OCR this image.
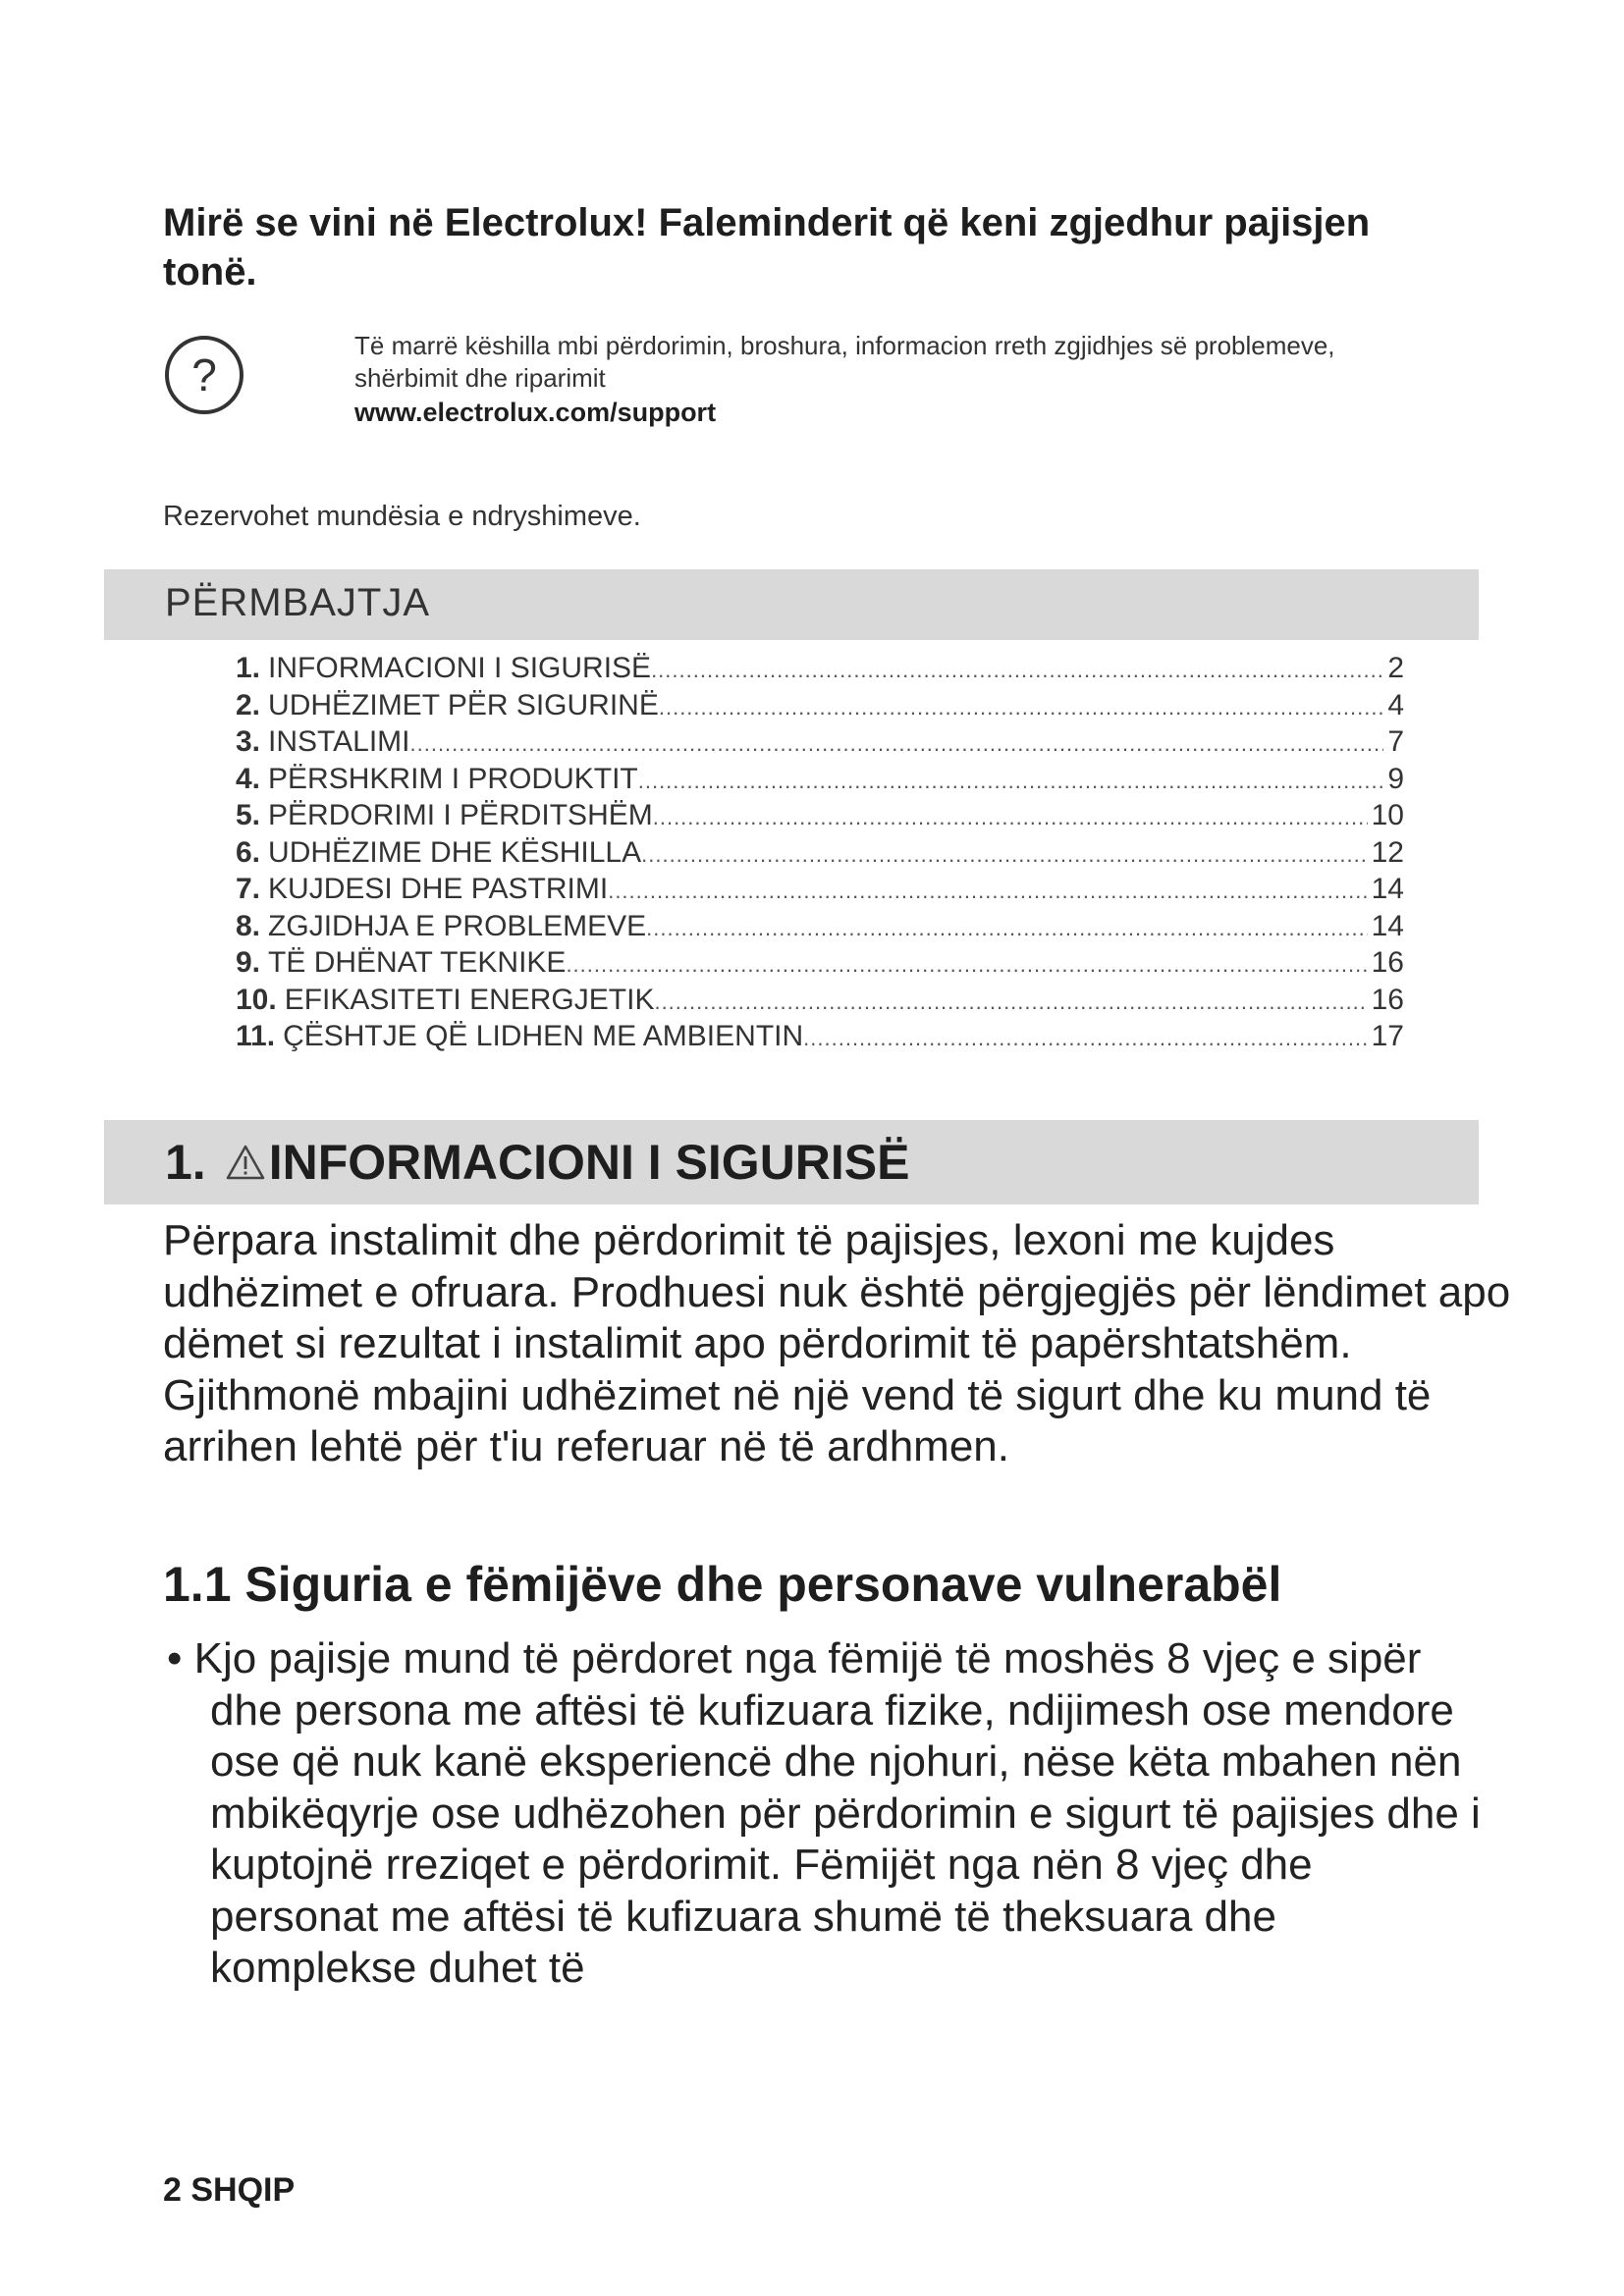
Mirë se vini në Electrolux! Faleminderit që keni zgjedhur pajisjen tonë.
?
Të marrë këshilla mbi përdorimin, broshura, informacion rreth zgjidhjes së problemeve, shërbimit dhe riparimit
www.electrolux.com/support
Rezervohet mundësia e ndryshimeve.
PËRMBAJTJA
1. INFORMACIONI I SIGURISË .....	2
2. UDHËZIMET PËR SIGURINË .....	4
3. INSTALIMI .....	7
4. PËRSHKRIM I PRODUKTIT .....	9
5. PËRDORIMI I PËRDITSHËM .....	10
6. UDHËZIME DHE KËSHILLA .....	12
7. KUJDESI DHE PASTRIMI .....	14
8. ZGJIDHJA E PROBLEMEVE .....	14
9. TË DHËNAT TEKNIKE .....	16
10. EFIKASITETI ENERGJETIK .....	16
11. ÇËSHTJE QË LIDHEN ME AMBIENTIN .....	17
1. INFORMACIONI I SIGURISË

Përpara instalimit dhe përdorimit të pajisjes, lexoni me kujdes udhëzimet e ofruara. Prodhuesi nuk është përgjegjës për lëndimet apo dëmet si rezultat i instalimit apo përdorimit të papërshtatshëm. Gjithmonë mbajini udhëzimet në një vend të sigurt dhe ku mund të arrihen lehtë për t'iu referuar në të ardhmen.

1.1 Siguria e fëmijëve dhe personave vulnerabël

• Kjo pajisje mund të përdoret nga fëmijë të moshës 8 vjeç e sipër dhe persona me aftësi të kufizuara fizike, ndijimesh ose mendore ose që nuk kanë eksperiencë dhe njohuri, nëse këta mbahen nën mbikëqyrje ose udhëzohen për përdorimin e sigurt të pajisjes dhe i kuptojnë rreziqet e përdorimit. Fëmijët nga nën 8 vjeç dhe personat me aftësi të kufizuara shumë të theksuara dhe komplekse duhet të

2 SHQIP
